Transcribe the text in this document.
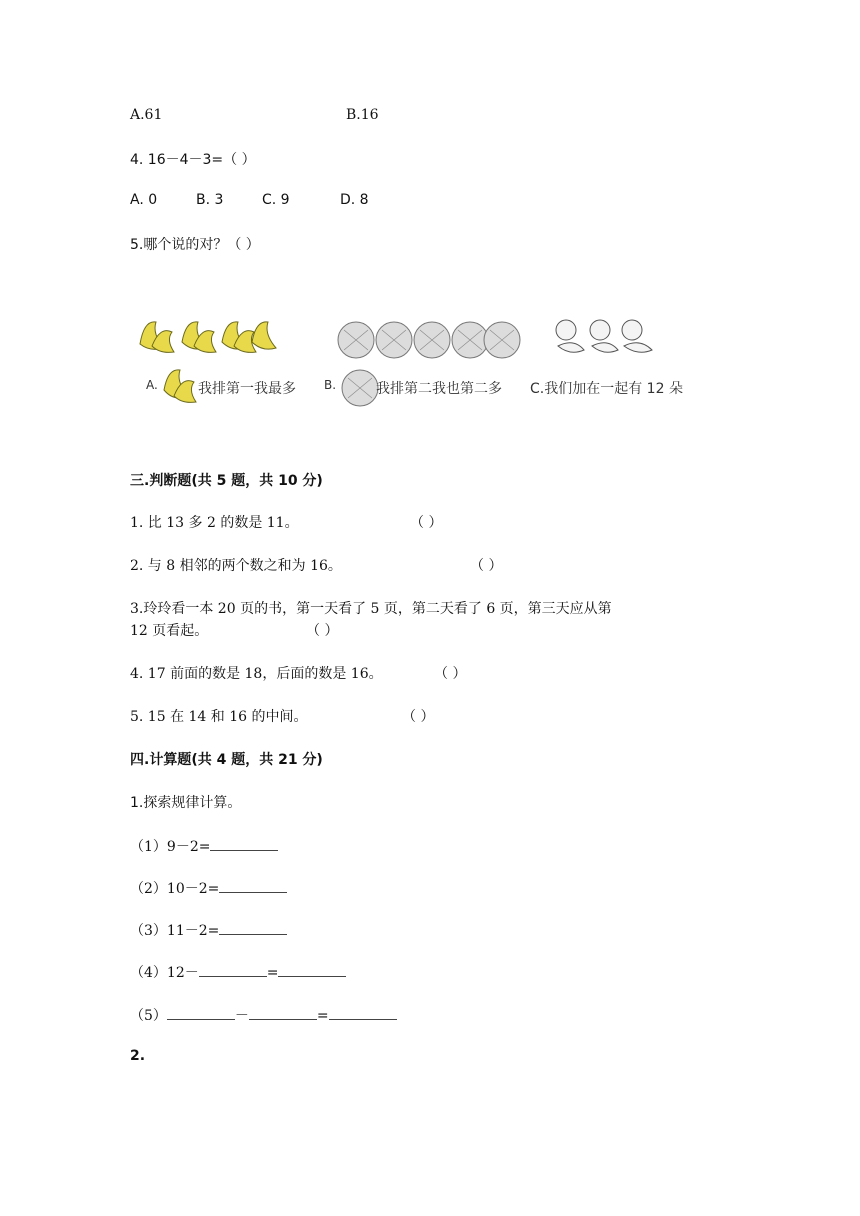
A.61	B.16
4. 16－4－3=（ ）
A. 0	B. 3	C. 9	D. 8
5.哪个说的对？（ ）
A.	我排第一我最多 B.	我排第二我也第二多 C.我们加在一起有 12 朵
三.判断题(共 5 题，共 10 分)
1. 比 13 多 2 的数是 11。	（ ）
2. 与 8 相邻的两个数之和为 16。	（ ）
3.玲玲看一本 20 页的书，第一天看了 5 页，第二天看了 6 页，第三天应从第
12 页看起。	（ ）
4. 17 前面的数是 18，后面的数是 16。	（ ）
5. 15 在 14 和 16 的中间。	（ ）
四.计算题(共 4 题，共 21 分)
1.探索规律计算。
（1）9－2=
（2）10－2=
（3）11－2=
（4）12－	=
（5）	－	=
2.
